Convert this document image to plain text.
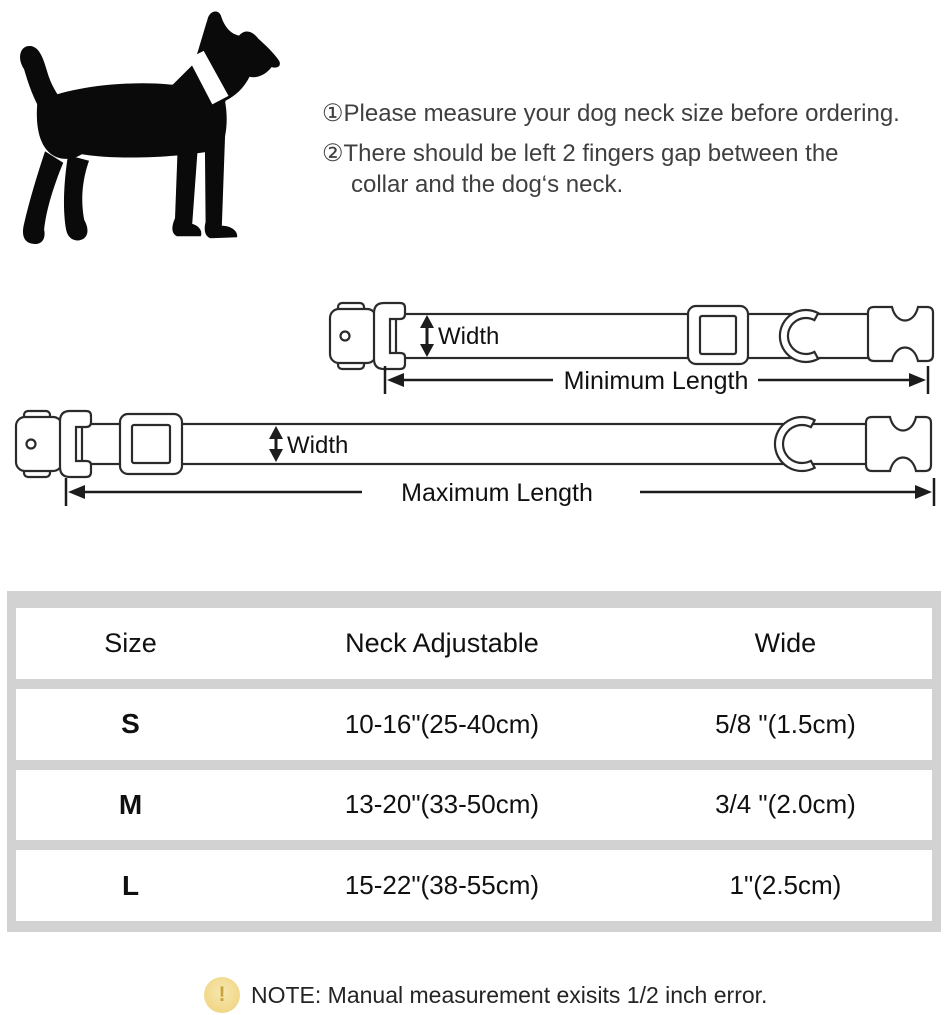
①Please measure your dog neck size before ordering.
②There should be left 2 fingers gap between the
collar and the dog‘s neck.
Width
Minimum Length
Width
Maximum Length
Size	Neck Adjustable	Wide
S	10-16"(25-40cm)	5/8 "(1.5cm)
M	13-20"(33-50cm)	3/4 "(2.0cm)
L	15-22"(38-55cm)	1"(2.5cm)
!	NOTE: Manual measurement exisits 1/2 inch error.
